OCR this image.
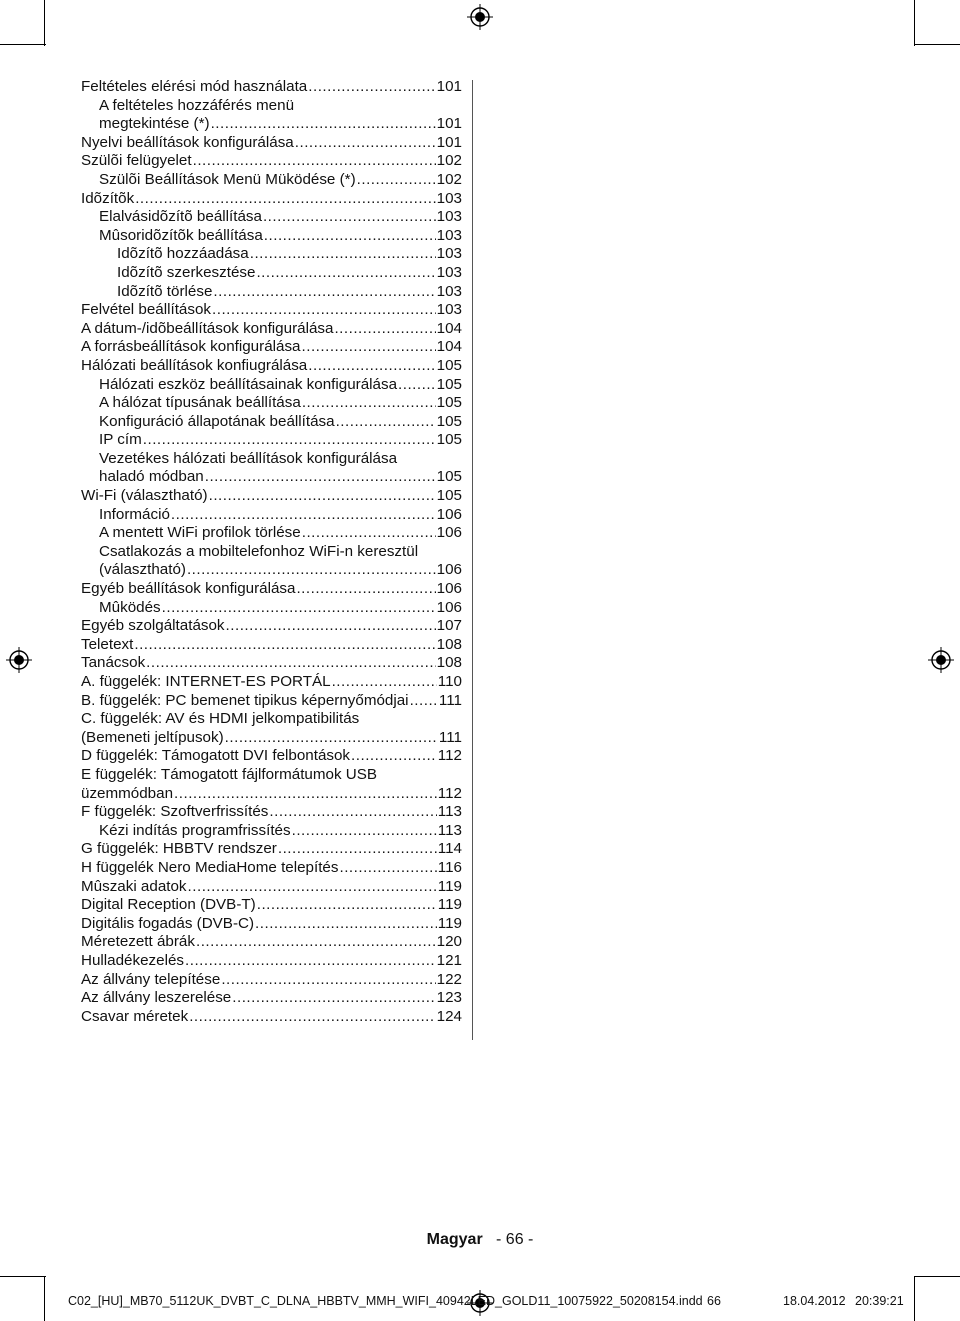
Feltételes elérési mód használata .....	101
A feltételes hozzáférés menü
megtekintése (*) .....	101
Nyelvi beállítások konfigurálása .....	101
Szülõi felügyelet .....	102
Szülõi Beállítások Menü Müködése (*) .....	102
Idõzítõk .....	103
Elalvásidõzítõ beállítása .....	103
Mûsoridõzítõk beállítása .....	103
Idõzítõ hozzáadása .....	103
Idõzítõ szerkesztése .....	103
Idõzítõ törlése .....	103
Felvétel beállítások .....	103
A dátum-/idõbeállítások konfigurálása .....	104
A forrásbeállítások konfigurálása .....	104
Hálózati beállítások konfiugrálása .....	105
Hálózati eszköz beállításainak konfigurálása .....	105
A hálózat típusának beállítása .....	105
Konfiguráció állapotának beállítása .....	105
IP cím .....	105
Vezetékes hálózati beállítások konfigurálása
haladó módban .....	105
Wi-Fi (választható) .....	105
Információ .....	106
A mentett WiFi profilok törlése .....	106
Csatlakozás a mobiltelefonhoz WiFi-n keresztül
(választható) .....	106
Egyéb beállítások konfigurálása .....	106
Mûködés .....	106
Egyéb szolgáltatások .....	107
Teletext .....	108
Tanácsok .....	108
A. függelék: INTERNET-ES PORTÁL .....	110
B. függelék: PC bemenet tipikus képernyőmódjai ..... 111
C. függelék: AV és HDMI jelkompatibilitás
(Bemeneti jeltípusok) .....	111
D függelék: Támogatott DVI felbontások .....	112
E függelék: Támogatott fájlformátumok USB
üzemmódban .....	112
F függelék: Szoftverfrissítés .....	113
Kézi indítás programfrissítés .....	113
G függelék: HBBTV rendszer .....	114
H függelék Nero MediaHome telepítés .....	116
Mûszaki adatok .....	119
Digital Reception (DVB-T) .....	119
Digitális fogadás (DVB-C) .....	119
Méretezett ábrák .....	120
Hulladékezelés .....	121
Az állvány telepítése .....	122
Az állvány leszerelése .....	123
Csavar méretek .....	124
Magyar - 66 -
C02_[HU]_MB70_5112UK_DVBT_C_DLNA_HBBTV_MMH_WIFI_40942LED_GOLD11_10075922_50208154.indd 66	18.04.2012 20:39:21
